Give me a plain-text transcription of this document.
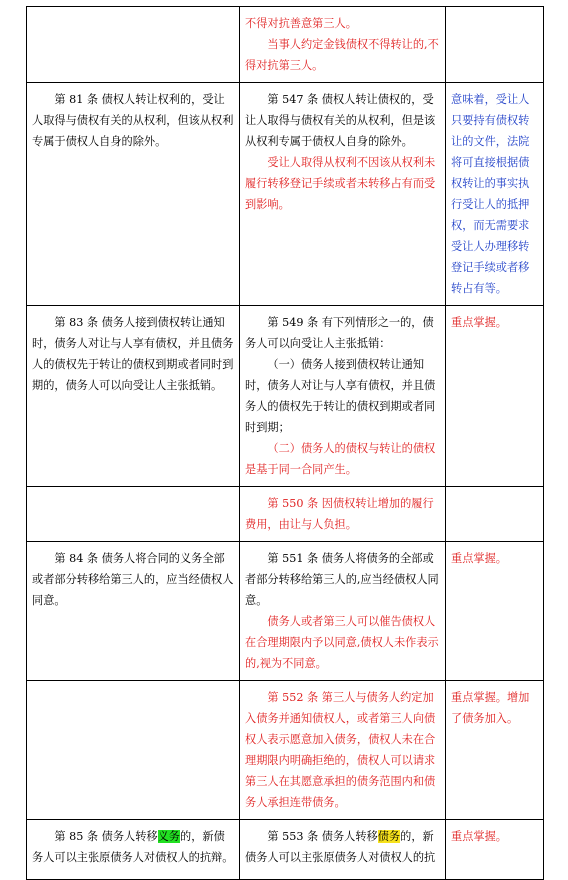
	不得对抗善意第三人。
当事人约定金钱债权不得转让的,不得对抗第三人。	

第 81 条 债权人转让权利的，受让人取得与债权有关的从权利，但该从权利专属于债权人自身的除外。	第 547 条 债权人转让债权的，受让人取得与债权有关的从权利，但是该从权利专属于债权人自身的除外。
受让人取得从权利不因该从权利未履行转移登记手续或者未转移占有而受到影响。	意味着，受让人只要持有债权转让的文件，法院将可直接根据债权转让的事实执行受让人的抵押权，而无需要求受让人办理移转登记手续或者移转占有等。

第 83 条 债务人接到债权转让通知时，债务人对让与人享有债权，并且债务人的债权先于转让的债权到期或者同时到期的，债务人可以向受让人主张抵销。	第 549 条 有下列情形之一的，债务人可以向受让人主张抵销：
（一）债务人接到债权转让通知时，债务人对让与人享有债权，并且债务人的债权先于转让的债权到期或者同时到期；
（二）债务人的债权与转让的债权是基于同一合同产生。	重点掌握。

	第 550 条 因债权转让增加的履行费用，由让与人负担。	

第 84 条 债务人将合同的义务全部或者部分转移给第三人的，应当经债权人同意。	第 551 条 债务人将债务的全部或者部分转移给第三人的,应当经债权人同意。
债务人或者第三人可以催告债权人在合理期限内予以同意,债权人未作表示的,视为不同意。	重点掌握。

	第 552 条 第三人与债务人约定加入债务并通知债权人，或者第三人向债权人表示愿意加入债务，债权人未在合理期限内明确拒绝的，债权人可以请求第三人在其愿意承担的债务范围内和债务人承担连带债务。	重点掌握。增加了债务加入。

第 85 条 债务人转移义务的，新债务人可以主张原债务人对债权人的抗辩。	第 553 条 债务人转移债务的，新债务人可以主张原债务人对债权人的抗	重点掌握。
